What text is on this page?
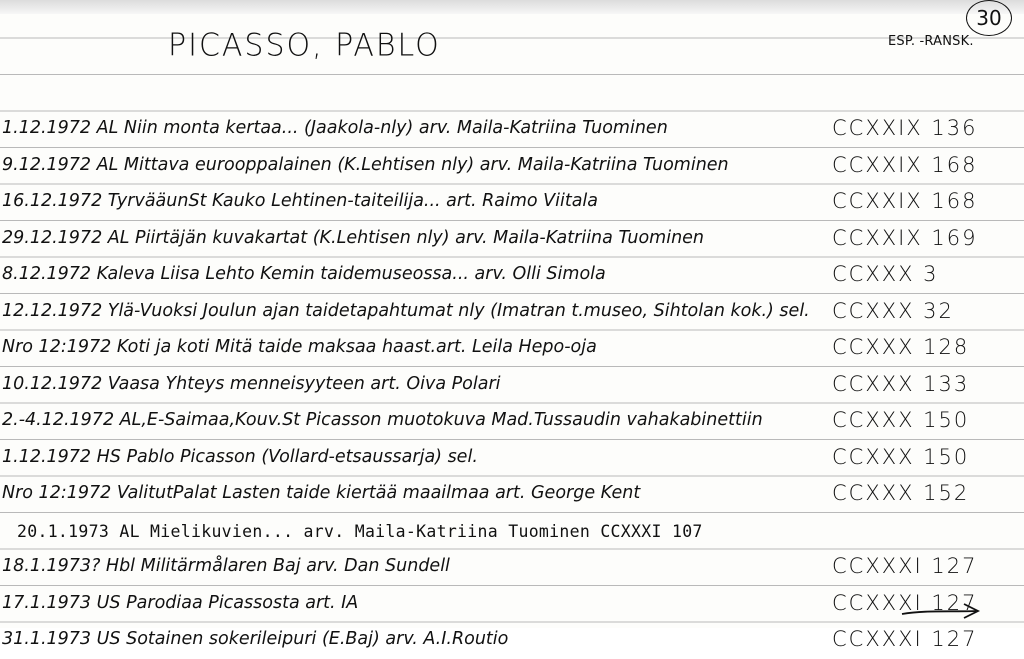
PICASSO, PABLO	ESP. -RANSK.
30
1.12.1972 AL Niin monta kertaa... (Jaakola-nly) arv. Maila-Katriina Tuominen	CCXXIX 136
9.12.1972 AL Mittava eurooppalainen (K.Lehtisen nly) arv. Maila-Katriina Tuominen	CCXXIX 168
16.12.1972 TyrvääunSt Kauko Lehtinen-taiteilija... art. Raimo Viitala	CCXXIX 168
29.12.1972 AL Piirtäjän kuvakartat (K.Lehtisen nly) arv. Maila-Katriina Tuominen	CCXXIX 169
8.12.1972 Kaleva Liisa Lehto Kemin taidemuseossa... arv. Olli Simola	CCXXX 3
12.12.1972 Ylä-Vuoksi Joulun ajan taidetapahtumat nly (Imatran t.museo, Sihtolan kok.) sel. CCXXX 32
Nro 12:1972 Koti ja koti Mitä taide maksaa haast.art. Leila Hepo-oja	CCXXX 128
10.12.1972 Vaasa Yhteys menneisyyteen art. Oiva Polari	CCXXX 133
2.-4.12.1972 AL,E-Saimaa,Kouv.St Picasson muotokuva Mad.Tussaudin vahakabinettiin	CCXXX 150
1.12.1972 HS Pablo Picasson (Vollard-etsaussarja) sel.	CCXXX 150
Nro 12:1972 ValitutPalat Lasten taide kiertää maailmaa art. George Kent	CCXXX 152
20.1.1973 AL Mielikuvien... arv. Maila-Katriina Tuominen CCXXXI 107
18.1.1973? Hbl Militärmålaren Baj arv. Dan Sundell	CCXXXI 127
17.1.1973 US Parodiaa Picassosta art. IA	CCXXXI 127
31.1.1973 US Sotainen sokerileipuri (E.Baj) arv. A.I.Routio	CCXXXI 127
